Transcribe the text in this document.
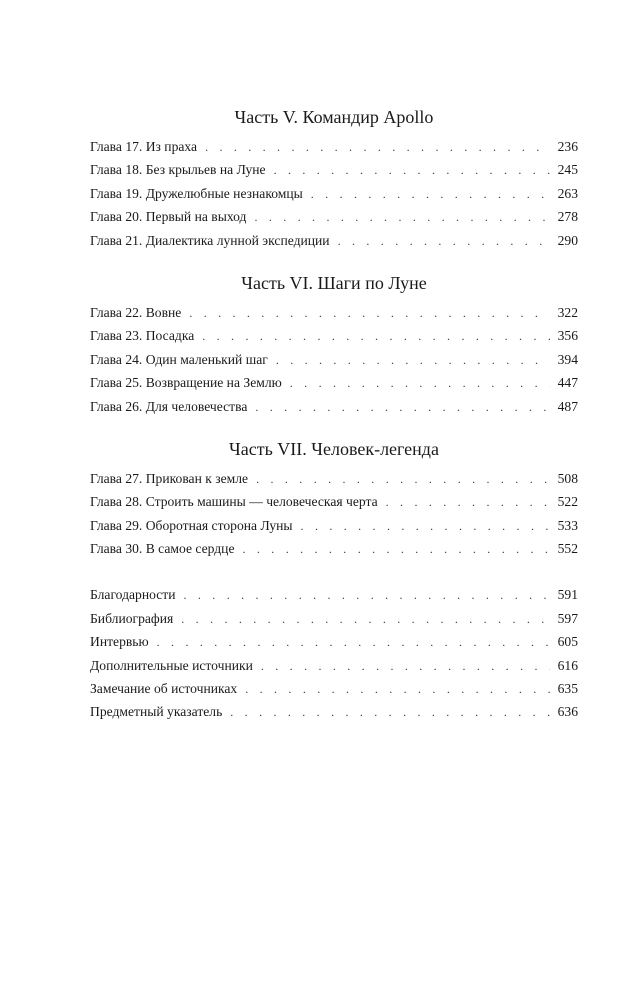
Часть V. Командир Apollo
Глава 17. Из праха . . .	236
Глава 18. Без крыльев на Луне . . .	245
Глава 19. Дружелюбные незнакомцы . . .	263
Глава 20. Первый на выход . . .	278
Глава 21. Диалектика лунной экспедиции . . .	290
Часть VI. Шаги по Луне
Глава 22. Вовне . . .	322
Глава 23. Посадка . . .	356
Глава 24. Один маленький шаг . . .	394
Глава 25. Возвращение на Землю . . .	447
Глава 26. Для человечества . . .	487
Часть VII. Человек-легенда
Глава 27. Прикован к земле . . .	508
Глава 28. Строить машины — человеческая черта . . .	522
Глава 29. Оборотная сторона Луны . . .	533
Глава 30. В самое сердце . . .	552
Благодарности . . .	591
Библиография . . .	597
Интервью . . .	605
Дополнительные источники . . .	616
Замечание об источниках . . .	635
Предметный указатель . . .	636
